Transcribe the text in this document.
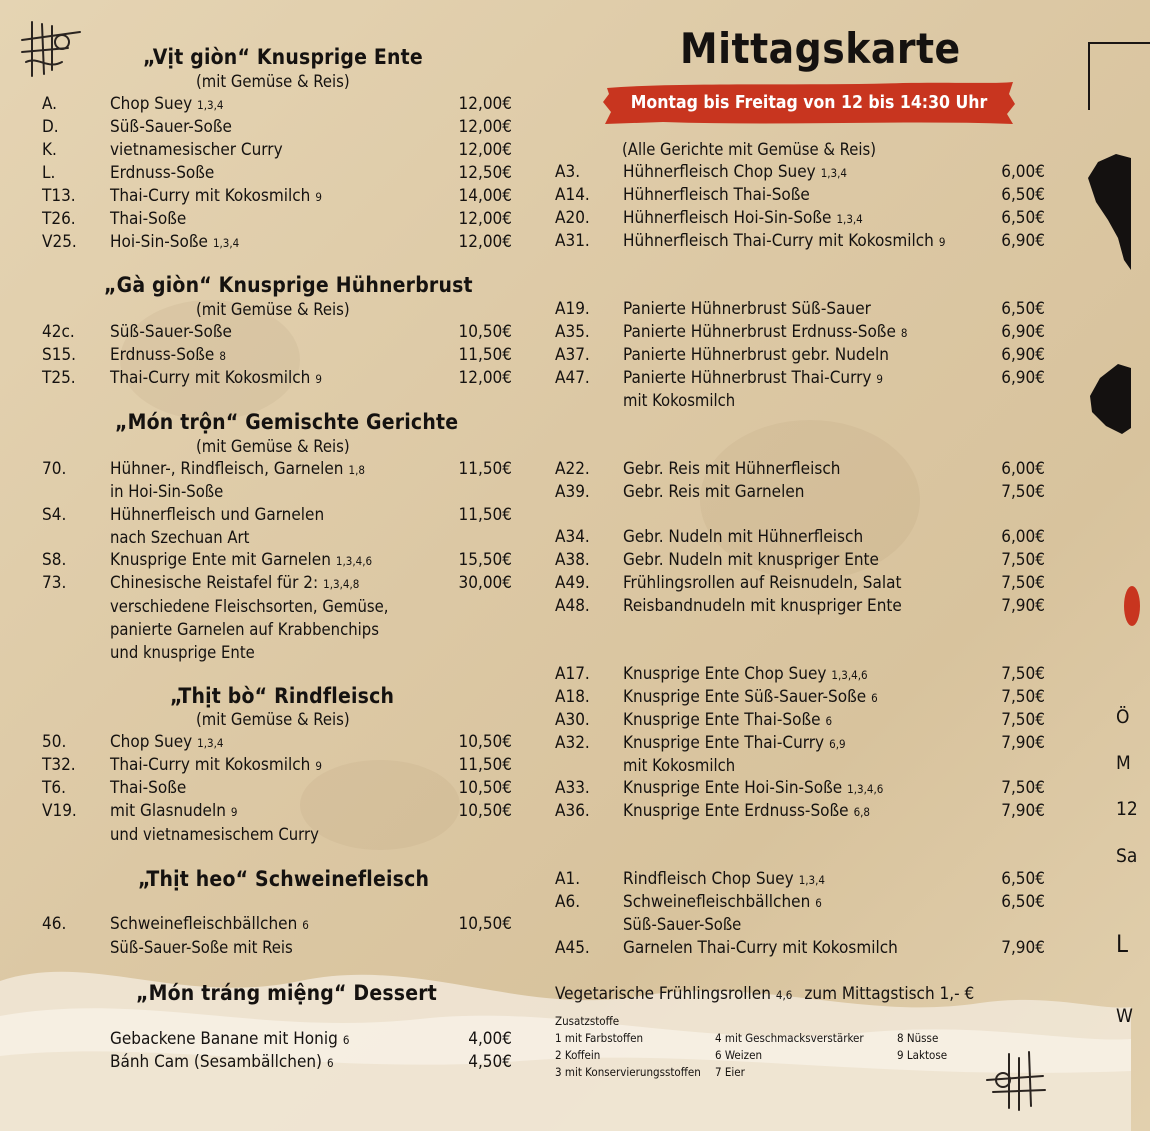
Ö
M
12
Sa
L
W
Mittagskarte
Montag bis Freitag von 12 bis 14:30 Uhr
„Vịt giòn“ Knusprige Ente
(mit Gemüse & Reis)
A.	Chop Suey 1,3,4	12,00€
D.	Süß-Sauer-Soße	12,00€
K.	vietnamesischer Curry	12,00€
L.	Erdnuss-Soße	12,50€
T13. Thai-Curry mit Kokosmilch 9	14,00€
T26. Thai-Soße	12,00€
V25. Hoi-Sin-Soße 1,3,4	12,00€
„Gà giòn“ Knusprige Hühnerbrust
(mit Gemüse & Reis)
42c. Süß-Sauer-Soße	10,50€
S15. Erdnuss-Soße 8	11,50€
T25. Thai-Curry mit Kokosmilch 9	12,00€
„Món trộn“ Gemischte Gerichte
(mit Gemüse & Reis)
70.	Hühner-, Rindfleisch, Garnelen 1,8	11,50€
in Hoi-Sin-Soße
S4.	Hühnerfleisch und Garnelen	11,50€
nach Szechuan Art
S8.	Knusprige Ente mit Garnelen 1,3,4,6	15,50€
73.	Chinesische Reistafel für 2: 1,3,4,8	30,00€
verschiedene Fleischsorten, Gemüse,
panierte Garnelen auf Krabbenchips
und knusprige Ente
„Thịt bò“ Rindfleisch
(mit Gemüse & Reis)
50.	Chop Suey 1,3,4	10,50€
T32. Thai-Curry mit Kokosmilch 9	11,50€
T6.	Thai-Soße	10,50€
V19. mit Glasnudeln 9	10,50€
und vietnamesischem Curry
„Thịt heo“ Schweinefleisch
46.	Schweinefleischbällchen 6	10,50€
Süß-Sauer-Soße mit Reis
„Món tráng miệng“ Dessert
Gebackene Banane mit Honig 6	4,00€
Bánh Cam (Sesambällchen) 6	4,50€
(Alle Gerichte mit Gemüse & Reis)
A3.	Hühnerfleisch Chop Suey 1,3,4	6,00€
A14. Hühnerfleisch Thai-Soße	6,50€
A20. Hühnerfleisch Hoi-Sin-Soße 1,3,4	6,50€
A31. Hühnerfleisch Thai-Curry mit Kokosmilch 9	6,90€
A19. Panierte Hühnerbrust Süß-Sauer	6,50€
A35. Panierte Hühnerbrust Erdnuss-Soße 8	6,90€
A37. Panierte Hühnerbrust gebr. Nudeln	6,90€
A47. Panierte Hühnerbrust Thai-Curry 9	6,90€
mit Kokosmilch
A22. Gebr. Reis mit Hühnerfleisch	6,00€
A39. Gebr. Reis mit Garnelen	7,50€
A34. Gebr. Nudeln mit Hühnerfleisch	6,00€
A38. Gebr. Nudeln mit knuspriger Ente	7,50€
A49. Frühlingsrollen auf Reisnudeln, Salat	7,50€
A48. Reisbandnudeln mit knuspriger Ente	7,90€
A17. Knusprige Ente Chop Suey 1,3,4,6	7,50€
A18. Knusprige Ente Süß-Sauer-Soße 6	7,50€
A30. Knusprige Ente Thai-Soße 6	7,50€
A32. Knusprige Ente Thai-Curry 6,9	7,90€
mit Kokosmilch
A33. Knusprige Ente Hoi-Sin-Soße 1,3,4,6	7,50€
A36. Knusprige Ente Erdnuss-Soße 6,8	7,90€
A1.	Rindfleisch Chop Suey 1,3,4	6,50€
A6.	Schweinefleischbällchen 6	6,50€
Süß-Sauer-Soße
A45. Garnelen Thai-Curry mit Kokosmilch	7,90€
Vegetarische Frühlingsrollen 4,6 zum Mittagstisch 1,- €
Zusatzstoffe
1 mit Farbstoffen
2 Koffein
3 mit Konservierungsstoffen
4 mit Geschmacksverstärker
6 Weizen
7 Eier
8 Nüsse
9 Laktose
